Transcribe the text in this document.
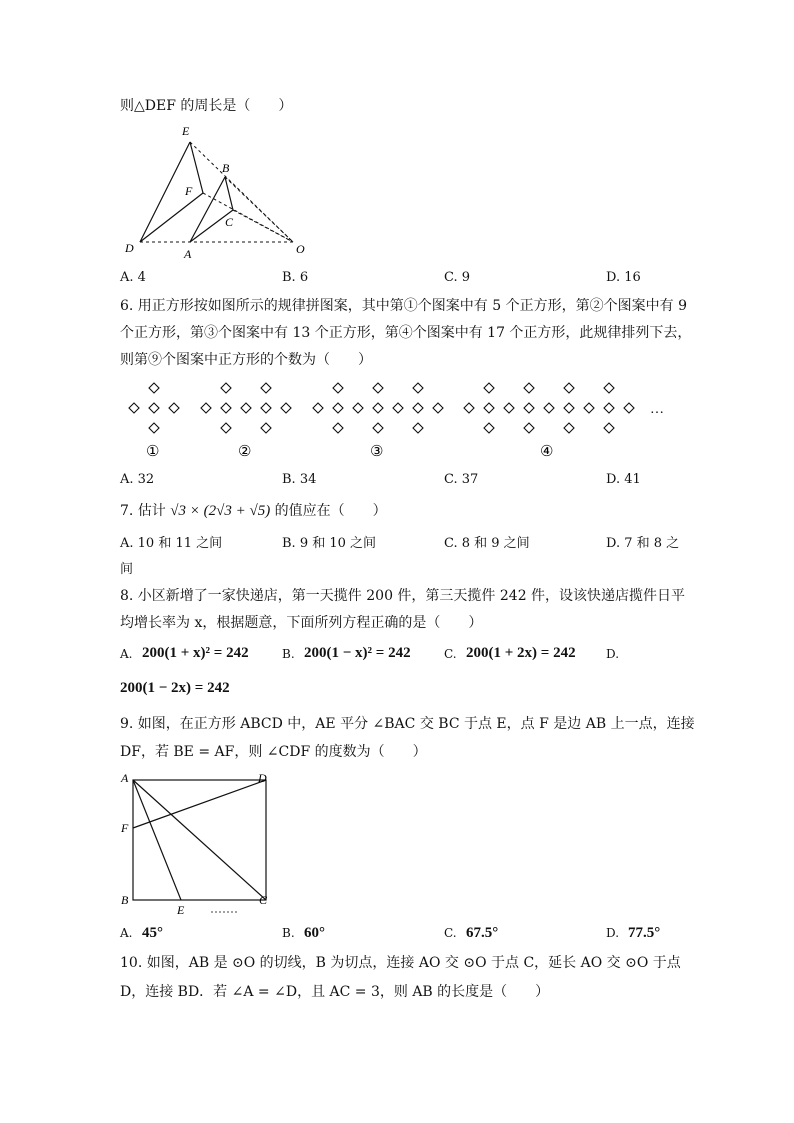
则△DEF 的周长是（　　）
E
B
F
C
D	A	O
A. 4	B. 6	C. 9	D. 16
6. 用正方形按如图所示的规律拼图案，其中第①个图案中有 5 个正方形，第②个图案中有 9
个正方形，第③个图案中有 13 个正方形，第④个图案中有 17 个正方形，此规律排列下去，
则第⑨个图案中正方形的个数为（　　）
…
①	②	③	④
A. 32	B. 34	C. 37	D. 41
7. 估计 √3 × (2√3 + √5) 的值应在（　　）
A. 10 和 11 之间	B. 9 和 10 之间	C. 8 和 9 之间	D. 7 和 8 之
间
8. 小区新增了一家快递店，第一天揽件 200 件，第三天揽件 242 件，设该快递店揽件日平
均增长率为 x，根据题意，下面所列方程正确的是（　　）
A. 200(1 + x)² = 242	B. 200(1 − x)² = 242	C. 200(1 + 2x) = 242	D.
200(1 − 2x) = 242
9. 如图，在正方形 ABCD 中，AE 平分 ∠BAC 交 BC 于点 E，点 F 是边 AB 上一点，连接
DF，若 BE = AF，则 ∠CDF 的度数为（　　）
A	D
F
B
E
C
A. 45°	B. 60°	C. 67.5°	D. 77.5°
10. 如图，AB 是 ⊙O 的切线，B 为切点，连接 AO 交 ⊙O 于点 C，延长 AO 交 ⊙O 于点
D，连接 BD．若 ∠A = ∠D，且 AC = 3，则 AB 的长度是（　　）
